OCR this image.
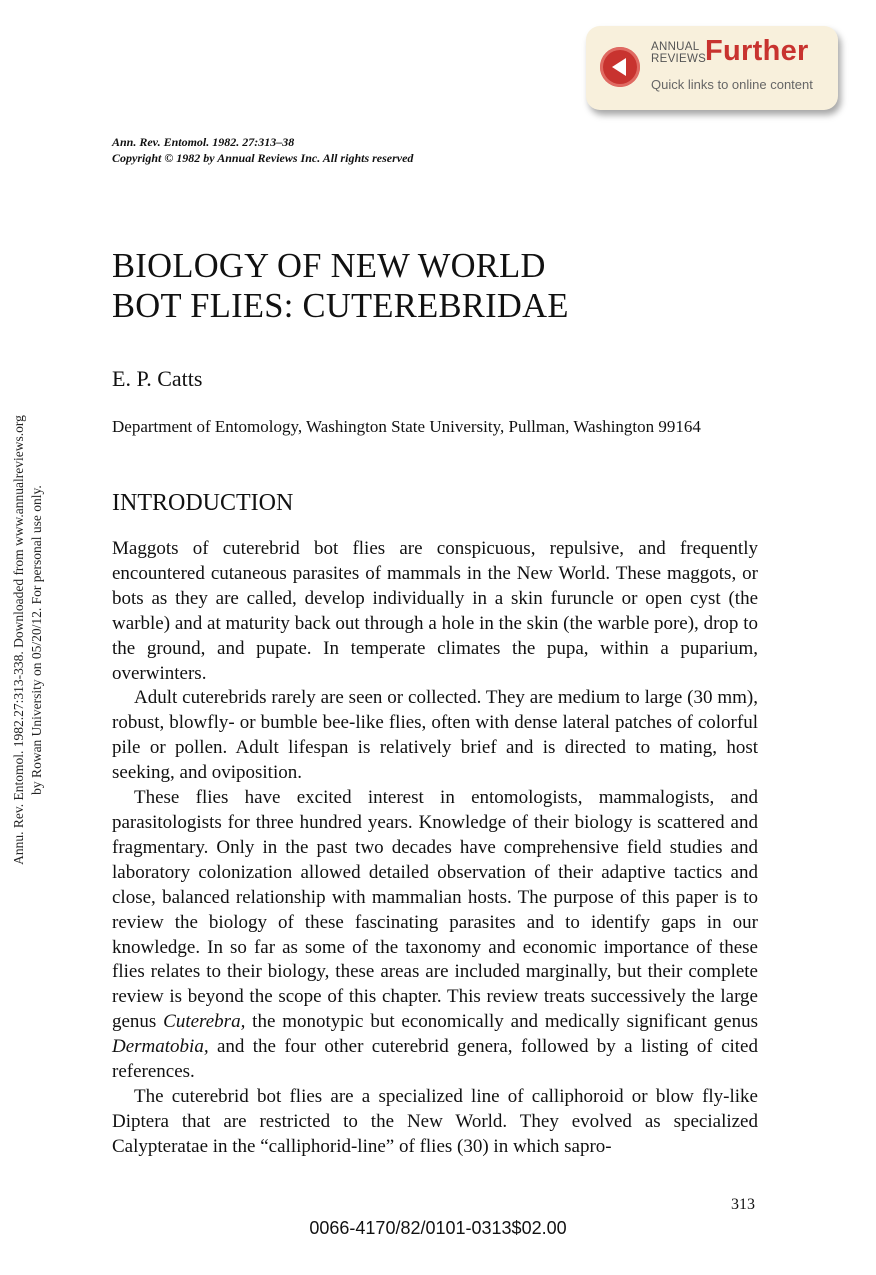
ANNUAL
REVIEWS
Further
Quick links to online content
Ann. Rev. Entomol. 1982. 27:313–38
Copyright © 1982 by Annual Reviews Inc. All rights reserved
Annu. Rev. Entomol. 1982.27:313-338. Downloaded from www.annualreviews.org by Rowan University on 05/20/12. For personal use only.
BIOLOGY OF NEW WORLD
BOT FLIES: CUTEREBRIDAE
E. P. Catts
Department of Entomology, Washington State University, Pullman, Washington 99164
INTRODUCTION

Maggots of cuterebrid bot flies are conspicuous, repulsive, and frequently encountered cutaneous parasites of mammals in the New World. These maggots, or bots as they are called, develop individually in a skin furuncle or open cyst (the warble) and at maturity back out through a hole in the skin (the warble pore), drop to the ground, and pupate. In temperate climates the pupa, within a puparium, overwinters.

Adult cuterebrids rarely are seen or collected. They are medium to large (30 mm), robust, blowfly- or bumble bee-like flies, often with dense lateral patches of colorful pile or pollen. Adult lifespan is relatively brief and is directed to mating, host seeking, and oviposition.

These flies have excited interest in entomologists, mammalogists, and parasitologists for three hundred years. Knowledge of their biology is scattered and fragmentary. Only in the past two decades have comprehensive field studies and laboratory colonization allowed detailed observation of their adaptive tactics and close, balanced relationship with mammalian hosts. The purpose of this paper is to review the biology of these fascinating parasites and to identify gaps in our knowledge. In so far as some of the taxonomy and economic importance of these flies relates to their biology, these areas are included marginally, but their complete review is beyond the scope of this chapter. This review treats successively the large genus Cuterebra, the monotypic but economically and medically significant genus Dermatobia, and the four other cuterebrid genera, followed by a listing of cited references.

The cuterebrid bot flies are a specialized line of calliphoroid or blow fly-like Diptera that are restricted to the New World. They evolved as specialized Calypteratae in the “calliphorid-line” of flies (30) in which sapro-

313
0066-4170/82/0101-0313$02.00
